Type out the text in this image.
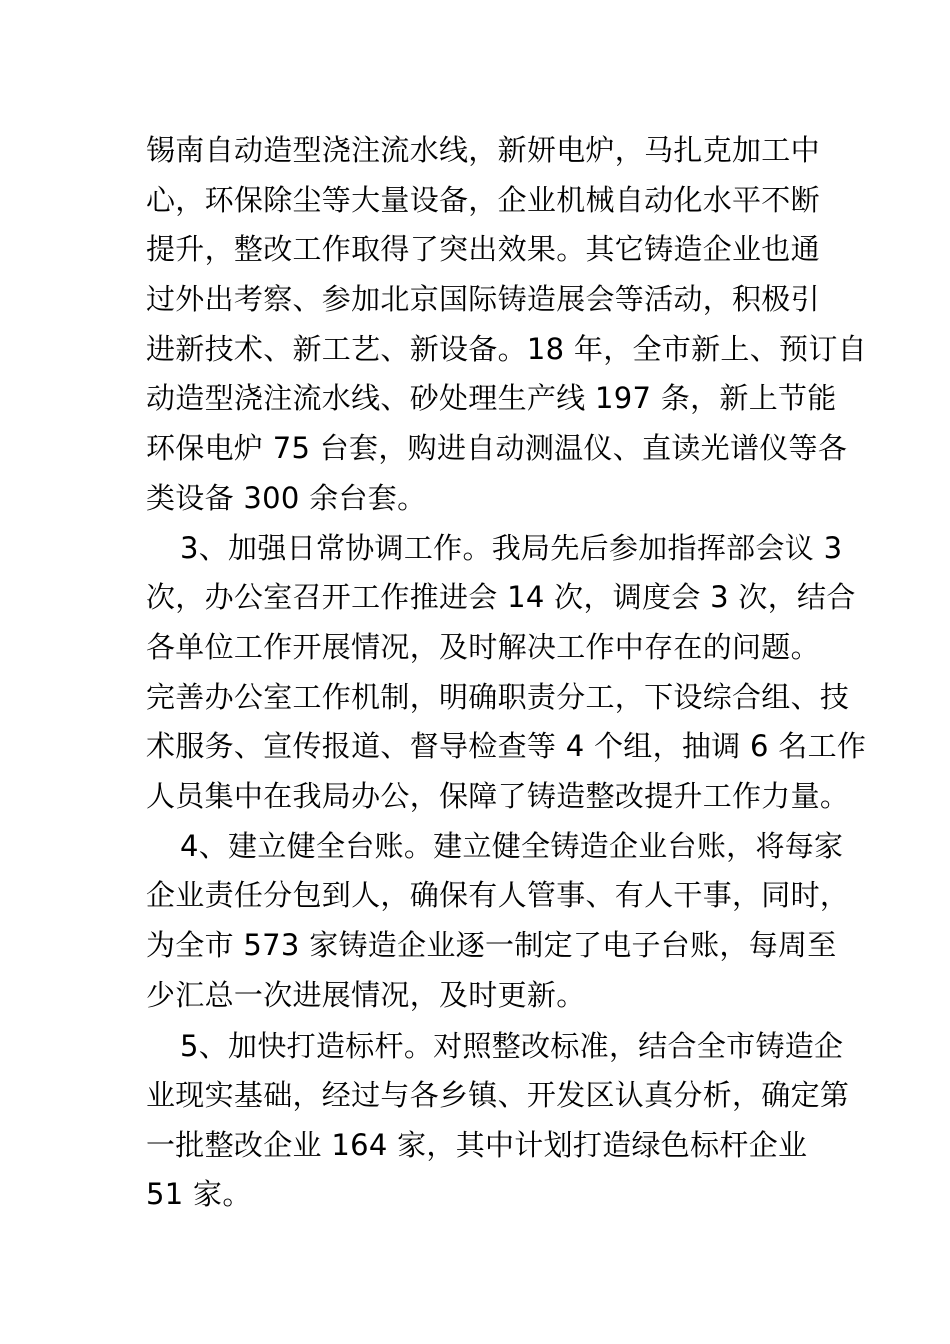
锡南自动造型浇注流水线，新妍电炉，马扎克加工中
心，环保除尘等大量设备，企业机械自动化水平不断
提升，整改工作取得了突出效果。其它铸造企业也通
过外出考察、参加北京国际铸造展会等活动，积极引
进新技术、新工艺、新设备。18 年，全市新上、预订自
动造型浇注流水线、砂处理生产线 197 条，新上节能
环保电炉 75 台套，购进自动测温仪、直读光谱仪等各
类设备 300 余台套。
3、加强日常协调工作。我局先后参加指挥部会议 3
次，办公室召开工作推进会 14 次，调度会 3 次，结合
各单位工作开展情况，及时解决工作中存在的问题。
完善办公室工作机制，明确职责分工，下设综合组、技
术服务、宣传报道、督导检查等 4 个组，抽调 6 名工作
人员集中在我局办公，保障了铸造整改提升工作力量。
4、建立健全台账。建立健全铸造企业台账，将每家
企业责任分包到人，确保有人管事、有人干事，同时，
为全市 573 家铸造企业逐一制定了电子台账，每周至
少汇总一次进展情况，及时更新。
5、加快打造标杆。对照整改标准，结合全市铸造企
业现实基础，经过与各乡镇、开发区认真分析，确定第
一批整改企业 164 家，其中计划打造绿色标杆企业
51 家。
